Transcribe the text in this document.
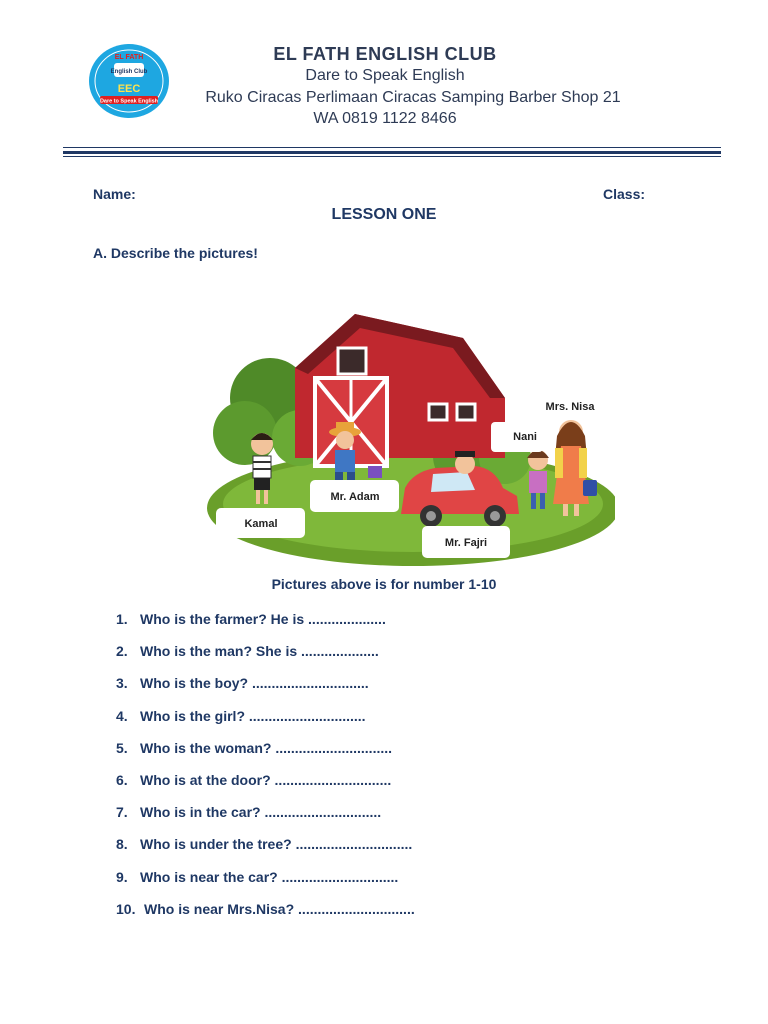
EL FATH
English Club
EEC
Dare to Speak English
EL FATH ENGLISH CLUB
Dare to Speak English
Ruko Ciracas Perlimaan Ciracas Samping Barber Shop 21
WA 0819 1122 8466
Name:	Class:
LESSON ONE
A. Describe the pictures!
Mrs. Nisa
Nani
Mr. Adam
Kamal
Mr. Fajri
Pictures above is for number 1-10
1. Who is the farmer? He is ....................
2. Who is the man? She is ....................
3. Who is the boy? ..............................
4. Who is the girl? ..............................
5. Who is the woman? ..............................
6. Who is at the door? ..............................
7. Who is in the car? ..............................
8. Who is under the tree? ..............................
9. Who is near the car? ..............................
10. Who is near Mrs.Nisa? ..............................
